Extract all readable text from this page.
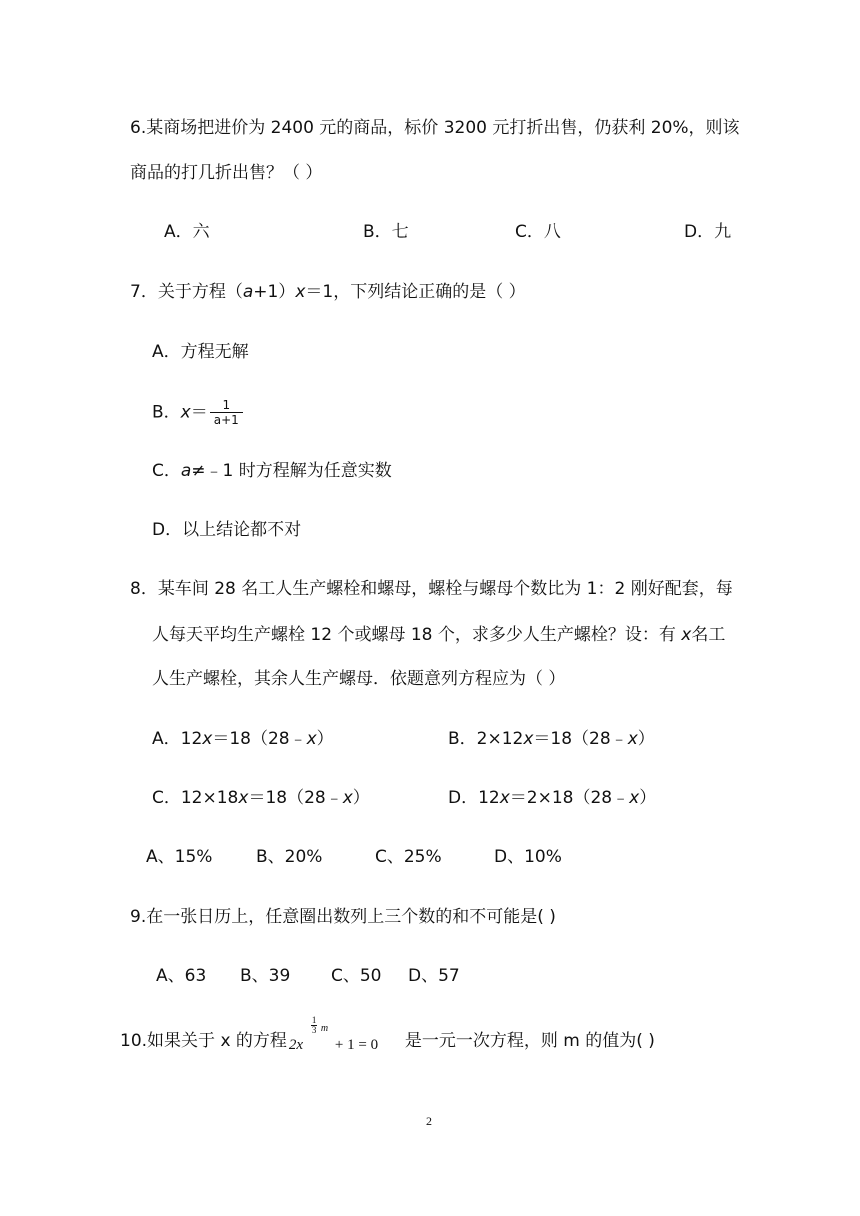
6.某商场把进价为 2400 元的商品，标价 3200 元打折出售，仍获利 20%，则该
商品的打几折出售？（ ）
A．六	B．七	C．八	D．九
7．关于方程（a+1）x＝1，下列结论正确的是（ ）
A．方程无解
B．$x= \frac{1}{a+1}$
C．a≠﹣1 时方程解为任意实数
D．以上结论都不对
8．某车间 28 名工人生产螺栓和螺母，螺栓与螺母个数比为 1：2 刚好配套，每
人每天平均生产螺栓 12 个或螺母 18 个，求多少人生产螺栓？设：有 x名工
人生产螺栓，其余人生产螺母．依题意列方程应为（ ）
A．12x＝18（28﹣x）	B．2×12x＝18（28﹣x）
C．12×18x＝18（28﹣x）	D．12x＝2×18（28﹣x）
A、15%	B、20%	C、25%	D、10%
9.在一张日历上，任意圈出数列上三个数的和不可能是( )
A、63 B、39 C、50 D、57
10.如果关于 x 的方程 2x
1
3 m
+ 1 = 0 是一元一次方程，则 m 的值为( )
2
